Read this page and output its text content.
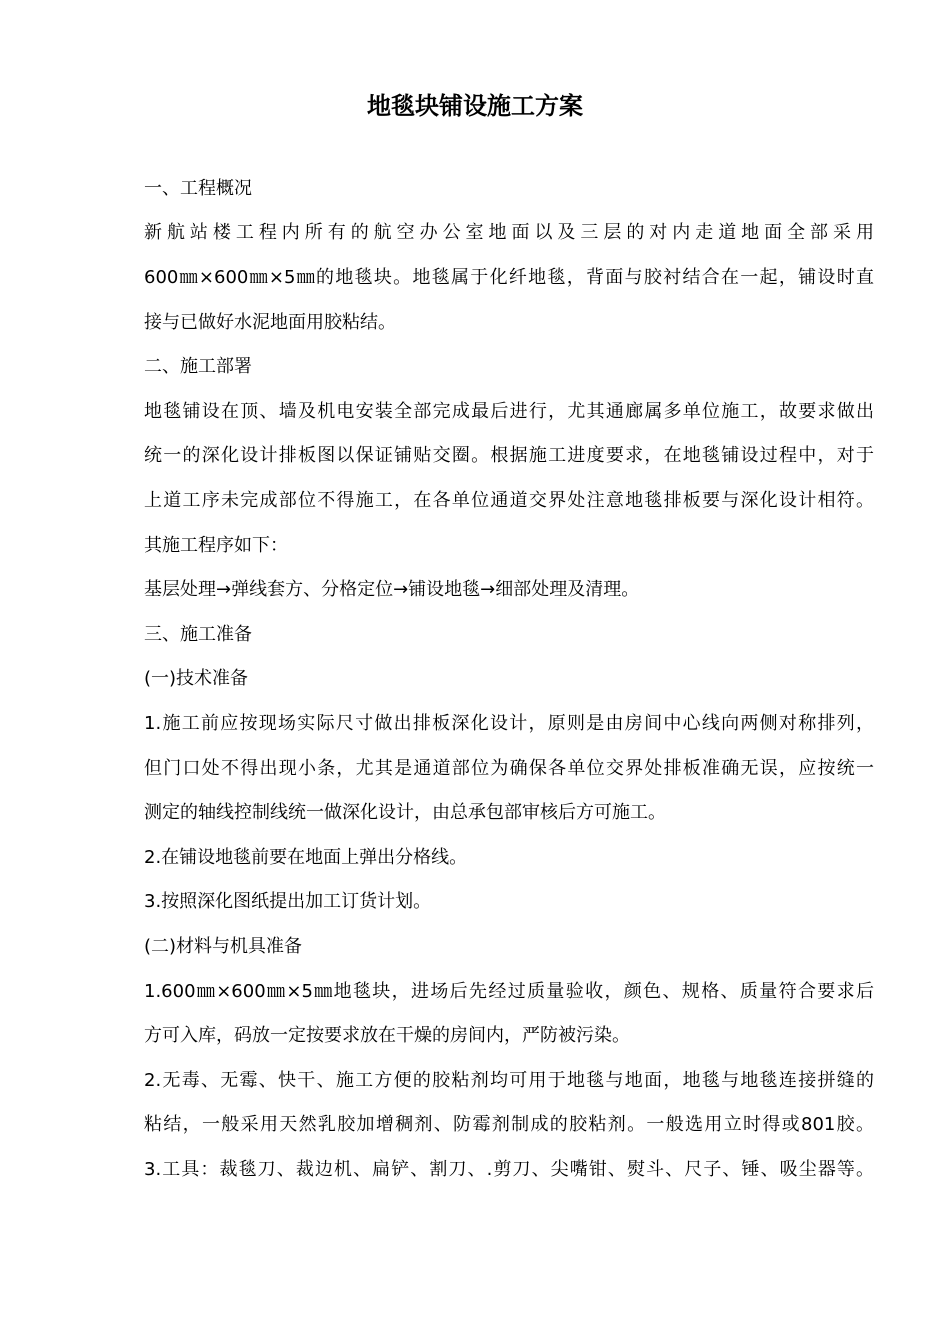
地毯块铺设施工方案

一、工程概况

新航站楼工程内所有的航空办公室地面以及三层的对内走道地面全部采用

600㎜×600㎜×5㎜的地毯块。地毯属于化纤地毯，背面与胶衬结合在一起，铺设时直

接与已做好水泥地面用胶粘结。

二、施工部署

地毯铺设在顶、墙及机电安装全部完成最后进行，尤其通廊属多单位施工，故要求做出

统一的深化设计排板图以保证铺贴交圈。根据施工进度要求，在地毯铺设过程中，对于

上道工序未完成部位不得施工，在各单位通道交界处注意地毯排板要与深化设计相符。

其施工程序如下：

基层处理→弹线套方、分格定位→铺设地毯→细部处理及清理。

三、施工准备

(一)技术准备

1.施工前应按现场实际尺寸做出排板深化设计，原则是由房间中心线向两侧对称排列，

但门口处不得出现小条，尤其是通道部位为确保各单位交界处排板准确无误，应按统一

测定的轴线控制线统一做深化设计，由总承包部审核后方可施工。

2.在铺设地毯前要在地面上弹出分格线。

3.按照深化图纸提出加工订货计划。

(二)材料与机具准备

1.600㎜×600㎜×5㎜地毯块，进场后先经过质量验收，颜色、规格、质量符合要求后

方可入库，码放一定按要求放在干燥的房间内，严防被污染。

2.无毒、无霉、快干、施工方便的胶粘剂均可用于地毯与地面，地毯与地毯连接拼缝的

粘结，一般采用天然乳胶加增稠剂、防霉剂制成的胶粘剂。一般选用立时得或801胶。

3.工具：裁毯刀、裁边机、扁铲、割刀、.剪刀、尖嘴钳、熨斗、尺子、锤、吸尘器等。
